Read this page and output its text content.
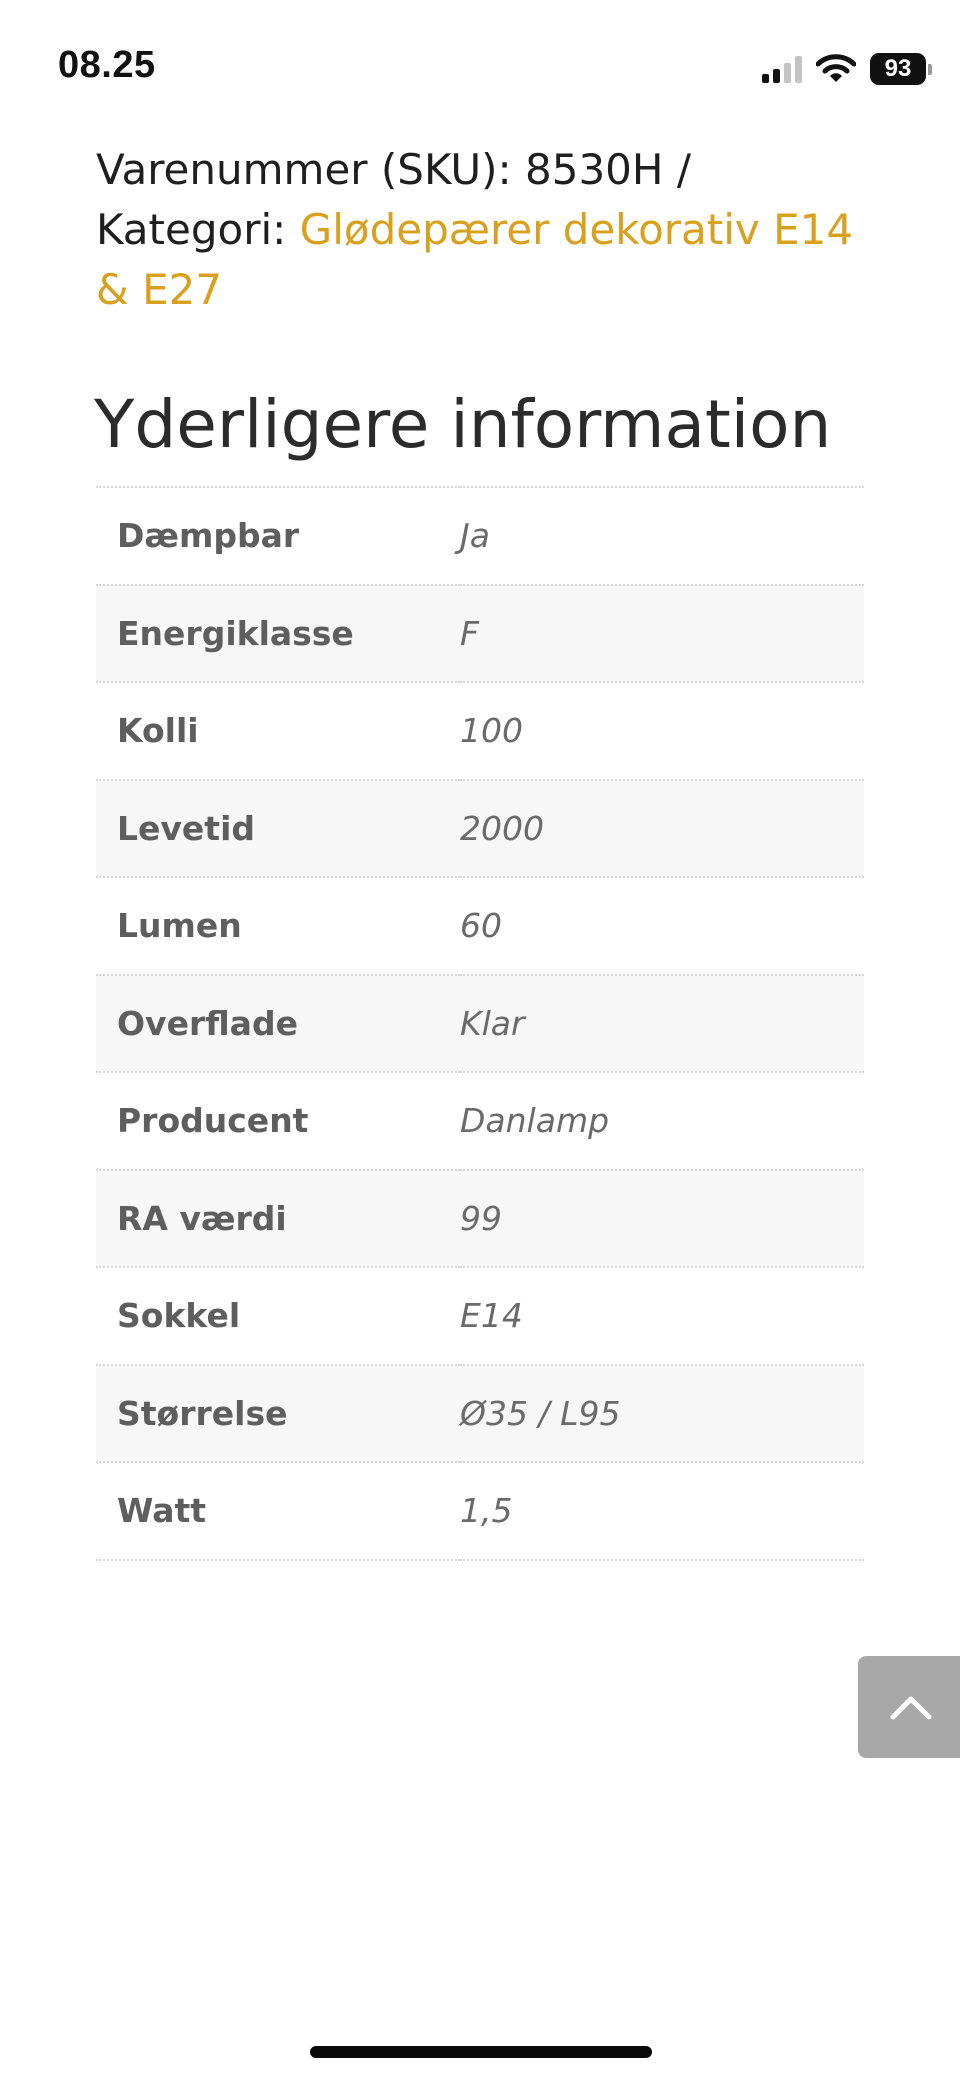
08.25	93
Varenummer (SKU): 8530H /
Kategori: Glødepærer dekorativ E14 & E27
Yderligere information
Dæmpbar	Ja
Energiklasse	F
Kolli	100
Levetid	2000
Lumen	60
Overflade	Klar
Producent	Danlamp
RA værdi	99
Sokkel	E14
Størrelse	Ø35 / L95
Watt	1,5
